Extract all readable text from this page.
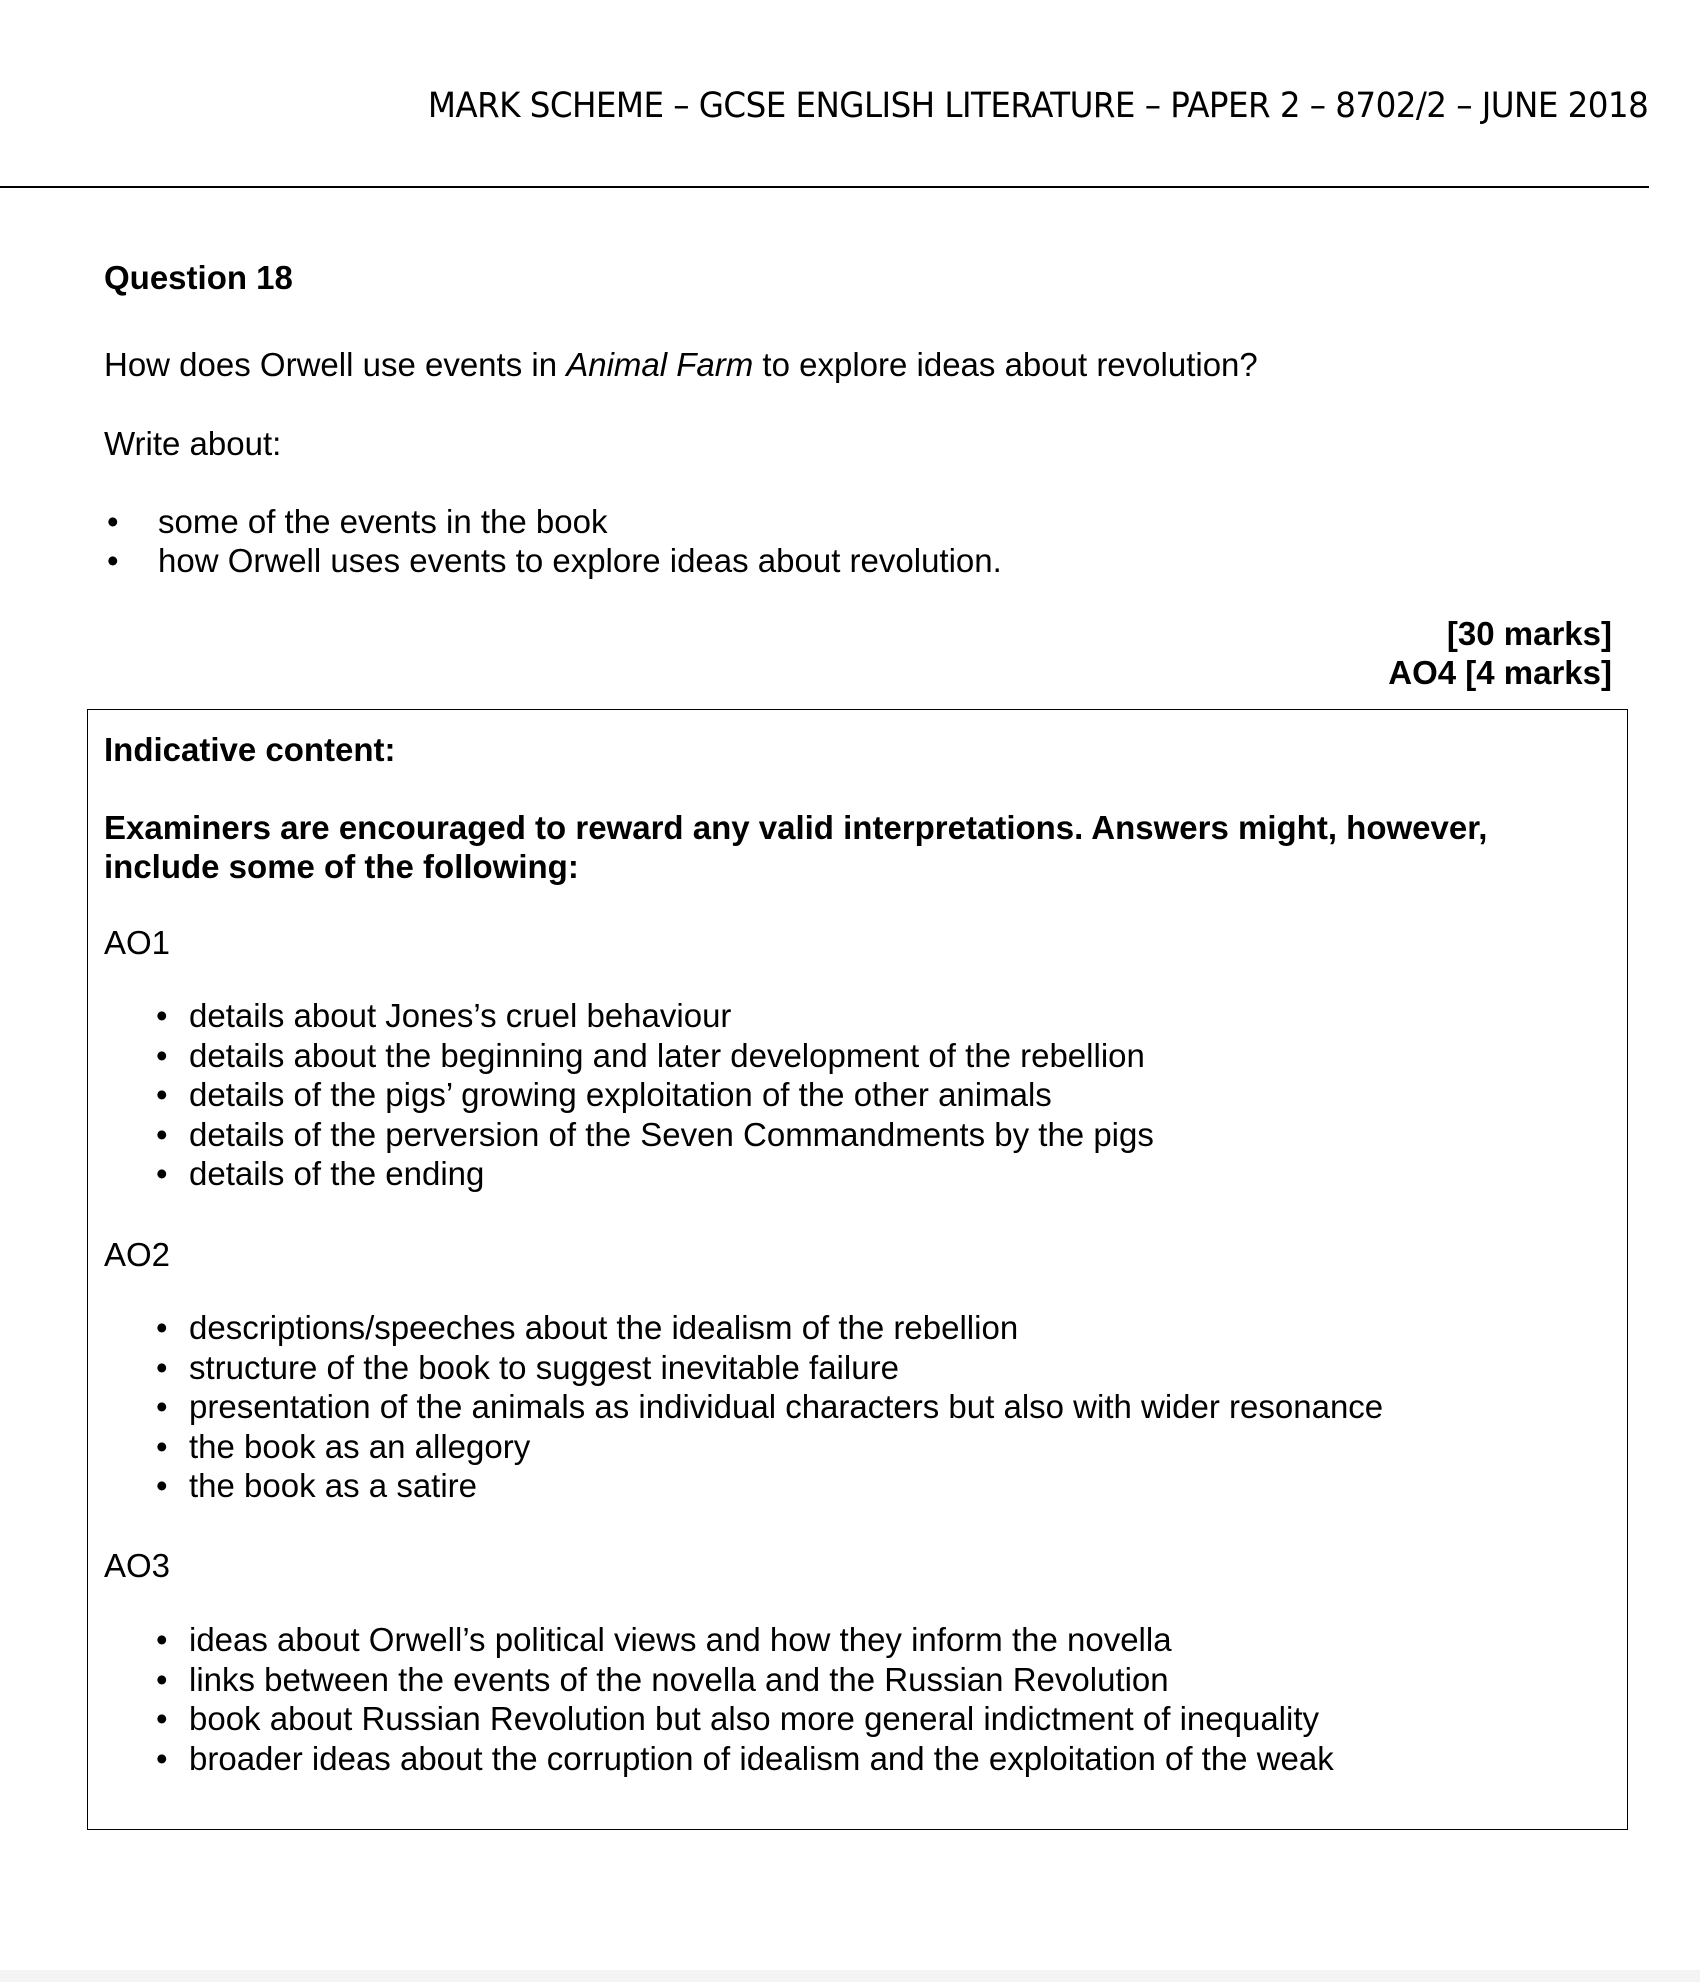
MARK SCHEME – GCSE ENGLISH LITERATURE – PAPER 2 – 8702/2 – JUNE 2018
Question 18
How does Orwell use events in Animal Farm to explore ideas about revolution?
Write about:
• some of the events in the book
• how Orwell uses events to explore ideas about revolution.
[30 marks]
AO4 [4 marks]
Indicative content:
Examiners are encouraged to reward any valid interpretations. Answers might, however, include some of the following:
AO1
• details about Jones’s cruel behaviour
• details about the beginning and later development of the rebellion
• details of the pigs’ growing exploitation of the other animals
• details of the perversion of the Seven Commandments by the pigs
• details of the ending
AO2
• descriptions/speeches about the idealism of the rebellion
• structure of the book to suggest inevitable failure
• presentation of the animals as individual characters but also with wider resonance
• the book as an allegory
• the book as a satire
AO3
• ideas about Orwell’s political views and how they inform the novella
• links between the events of the novella and the Russian Revolution
• book about Russian Revolution but also more general indictment of inequality
• broader ideas about the corruption of idealism and the exploitation of the weak
